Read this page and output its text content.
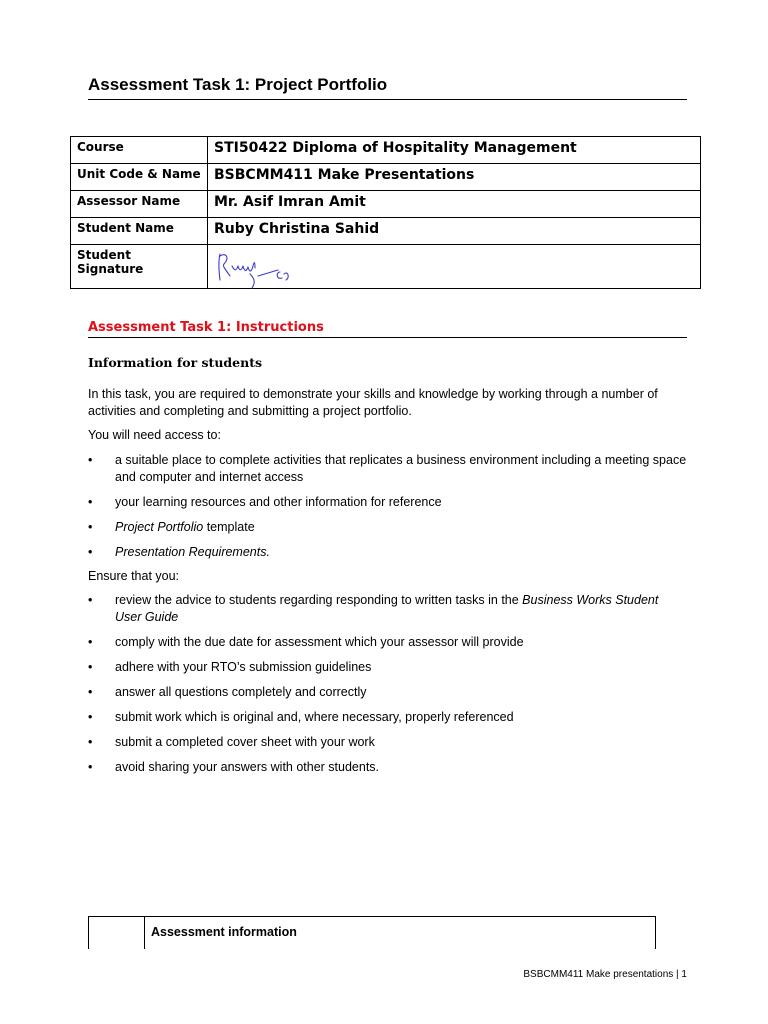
Assessment Task 1: Project Portfolio
Course	STI50422 Diploma of Hospitality Management
Unit Code & Name	BSBCMM411 Make Presentations
Assessor Name	Mr. Asif Imran Amit
Student Name	Ruby Christina Sahid
Student Signature	
Assessment Task 1: Instructions
Information for students
In this task, you are required to demonstrate your skills and knowledge by working through a number of activities and completing and submitting a project portfolio.
You will need access to:
• a suitable place to complete activities that replicates a business environment including a meeting space and computer and internet access
• your learning resources and other information for reference
• Project Portfolio template
• Presentation Requirements.
Ensure that you:
• review the advice to students regarding responding to written tasks in the Business Works Student User Guide
• comply with the due date for assessment which your assessor will provide
• adhere with your RTO’s submission guidelines
• answer all questions completely and correctly
• submit work which is original and, where necessary, properly referenced
• submit a completed cover sheet with your work
• avoid sharing your answers with other students.
Assessment information
BSBCMM411 Make presentations | 1
